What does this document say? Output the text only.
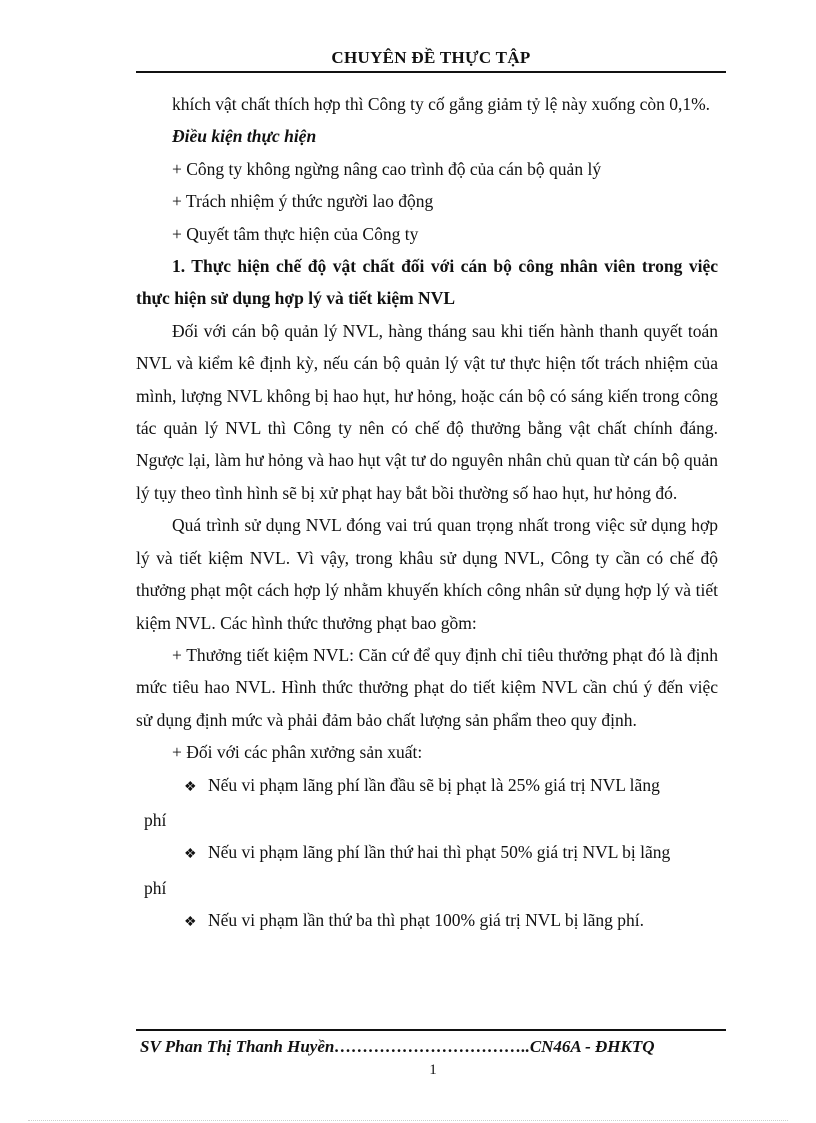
CHUYÊN ĐỀ THỰC TẬP

khích vật chất thích hợp thì Công ty cố gắng giảm tỷ lệ này xuống còn 0,1%.

Điều kiện thực hiện

+ Công ty không ngừng nâng cao trình độ của cán bộ quản lý

+ Trách nhiệm ý thức người lao động

+ Quyết tâm thực hiện của Công ty

1. Thực hiện chế độ vật chất đối với cán bộ công nhân viên trong việc thực hiện sử dụng hợp lý và tiết kiệm NVL

Đối với cán bộ quản lý NVL, hàng tháng sau khi tiến hành thanh quyết toán NVL và kiểm kê định kỳ, nếu cán bộ quản lý vật tư thực hiện tốt trách nhiệm của mình, lượng NVL không bị hao hụt, hư hỏng, hoặc cán bộ có sáng kiến trong công tác quản lý NVL thì Công ty nên có chế độ thưởng bằng vật chất chính đáng. Ngược lại, làm hư hỏng và hao hụt vật tư do nguyên nhân chủ quan từ cán bộ quản lý tụy theo tình hình sẽ bị xử phạt hay bắt bồi thường số hao hụt, hư hỏng đó.

Quá trình sử dụng NVL đóng vai trú quan trọng nhất trong việc sử dụng hợp lý và tiết kiệm NVL. Vì vậy, trong khâu sử dụng NVL, Công ty cần có chế độ thưởng phạt một cách hợp lý nhằm khuyến khích công nhân sử dụng hợp lý và tiết kiệm NVL. Các hình thức thưởng phạt bao gồm:

+ Thưởng tiết kiệm NVL: Căn cứ để quy định chỉ tiêu thưởng phạt đó là định mức tiêu hao NVL. Hình thức thưởng phạt do tiết kiệm NVL cần chú ý đến việc sử dụng định mức và phải đảm bảo chất lượng sản phẩm theo quy định.

+ Đối với các phân xưởng sản xuất:

❖ Nếu vi phạm lãng phí lần đầu sẽ bị phạt là 25% giá trị NVL lãng

phí

❖ Nếu vi phạm lãng phí lần thứ hai thì phạt 50% giá trị NVL bị lãng

phí

❖ Nếu vi phạm lần thứ ba thì phạt 100% giá trị NVL bị lãng phí.

SV Phan Thị Thanh Huyền……………………………..CN46A - ĐHKTQ
1
